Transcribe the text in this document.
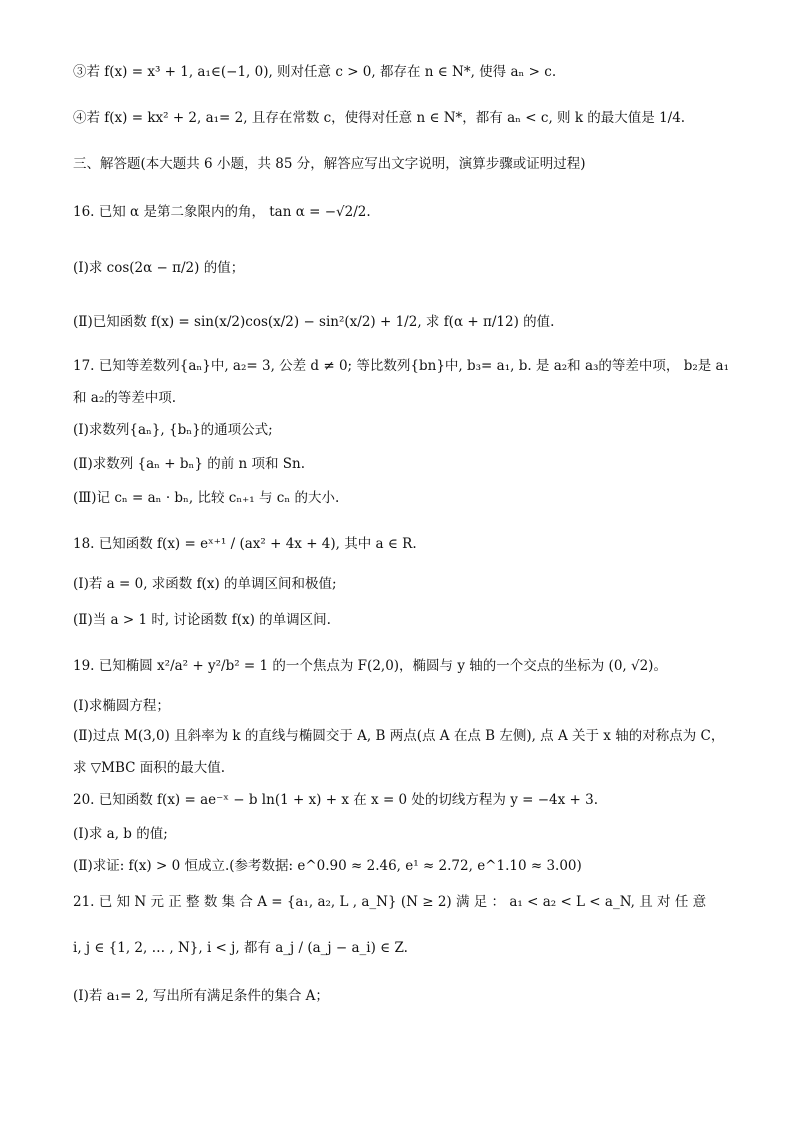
③若 f(x) = x³ + 1, a₁∈(−1, 0), 则对任意 c > 0, 都存在 n ∈ N*, 使得 aₙ > c.
④若 f(x) = kx² + 2, a₁= 2, 且存在常数 c，使得对任意 n ∈ N*，都有 aₙ < c, 则 k 的最大值是 1/4.
三、解答题(本大题共 6 小题，共 85 分，解答应写出文字说明，演算步骤或证明过程)
16. 已知 α 是第二象限内的角， tan α = −√2/2.
(Ⅰ)求 cos(2α − π/2) 的值；
(Ⅱ)已知函数 f(x) = sin(x/2)cos(x/2) − sin²(x/2) + 1/2, 求 f(α + π/12) 的值.
17. 已知等差数列{aₙ}中, a₂= 3, 公差 d ≠ 0; 等比数列{bn}中, b₃= a₁, b. 是 a₂和 a₃的等差中项， b₂是 a₁
和 a₂的等差中项.
(Ⅰ)求数列{aₙ}, {bₙ}的通项公式;
(Ⅱ)求数列 {aₙ + bₙ} 的前 n 项和 Sn.
(Ⅲ)记 cₙ = aₙ · bₙ, 比较 cₙ₊₁ 与 cₙ 的大小.
18. 已知函数 f(x) = eˣ⁺¹ / (ax² + 4x + 4), 其中 a ∈ R.
(Ⅰ)若 a = 0, 求函数 f(x) 的单调区间和极值;
(Ⅱ)当 a > 1 时, 讨论函数 f(x) 的单调区间.
19. 已知椭圆 x²/a² + y²/b² = 1 的一个焦点为 F(2,0)，椭圆与 y 轴的一个交点的坐标为 (0, √2)。
(Ⅰ)求椭圆方程；
(Ⅱ)过点 M(3,0) 且斜率为 k 的直线与椭圆交于 A, B 两点(点 A 在点 B 左侧), 点 A 关于 x 轴的对称点为 C，
求 ▽MBC 面积的最大值.
20. 已知函数 f(x) = ae⁻ˣ − b ln(1 + x) + x 在 x = 0 处的切线方程为 y = −4x + 3.
(Ⅰ)求 a, b 的值;
(Ⅱ)求证: f(x) > 0 恒成立.(参考数据: e^0.90 ≈ 2.46, e¹ ≈ 2.72, e^1.10 ≈ 3.00)
21. 已 知 N 元 正 整 数 集 合 A = {a₁, a₂, L , a_N} (N ≥ 2) 满 足 ： a₁ < a₂ < L < a_N, 且 对 任 意
i, j ∈ {1, 2, … , N}, i < j, 都有 a_j / (a_j − a_i) ∈ Z.
(Ⅰ)若 a₁= 2, 写出所有满足条件的集合 A；
